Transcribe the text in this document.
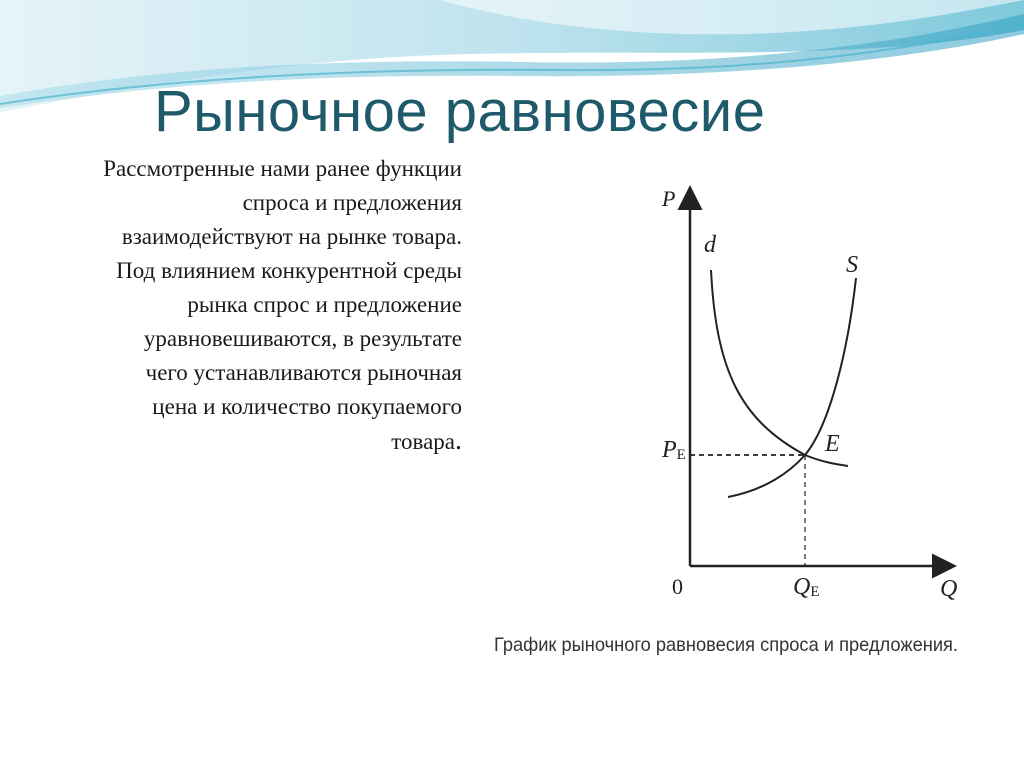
Рыночное равновесие

Рассмотренные нами ранее функции спроса и предложения взаимодействуют на рынке товара. Под влиянием конкурентной среды рынка спрос и предложение уравновешиваются, в результате чего устанавливаются рыночная цена и количество покупаемого товара.

P
Q
0
d
S
E
PE
QE
График рыночного равновесия спроса и предложения.
